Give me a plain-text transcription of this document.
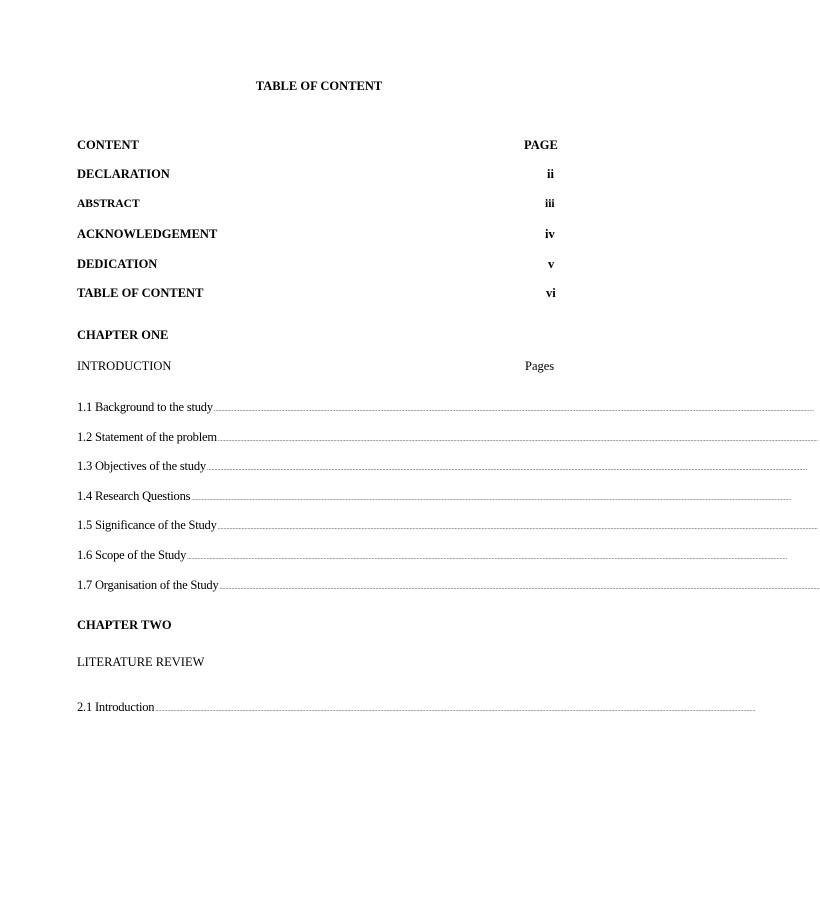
TABLE OF CONTENT
CONTENT	PAGE
DECLARATION	ii
ABSTRACT	iii
ACKNOWLEDGEMENT	iv
DEDICATION	v
TABLE OF CONTENT	vi
CHAPTER ONE
INTRODUCTION	Pages
1.1 Background to the study ................................................................................................................................................................................................................................................................................................................................................................................................................
1.2 Statement of the problem ................................................................................................................................................................................................................................................................................................................................................................................................................
1.3 Objectives of the study ................................................................................................................................................................................................................................................................................................................................................................................................................
1.4 Research Questions ................................................................................................................................................................................................................................................................................................................................................................................................................
1.5 Significance of the Study ................................................................................................................................................................................................................................................................................................................................................................................................................
1.6 Scope of the Study ................................................................................................................................................................................................................................................................................................................................................................................................................
1.7 Organisation of the Study ................................................................................................................................................................................................................................................................................................................................................................................................................
CHAPTER TWO
LITERATURE REVIEW
2.1 Introduction ................................................................................................................................................................................................................................................................................................................................................................................................................
